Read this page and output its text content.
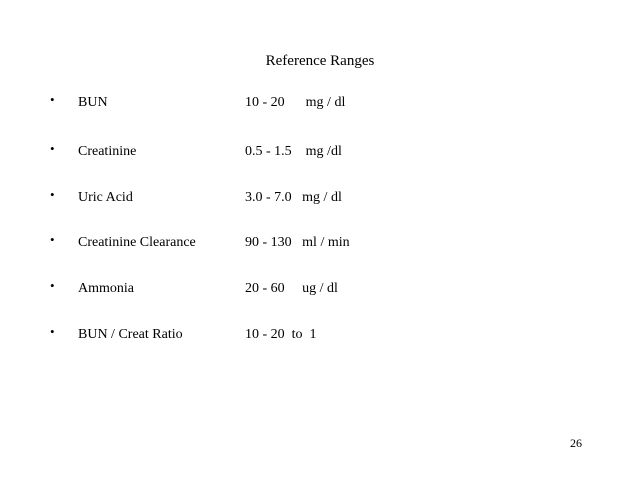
Reference Ranges
• BUN	10 - 20      mg / dl
• Creatinine	0.5 - 1.5    mg /dl
• Uric Acid	3.0 - 7.0   mg / dl
• Creatinine Clearance	90 - 130   ml / min
• Ammonia	20 - 60     ug / dl
• BUN / Creat Ratio	10 - 20  to  1
26
